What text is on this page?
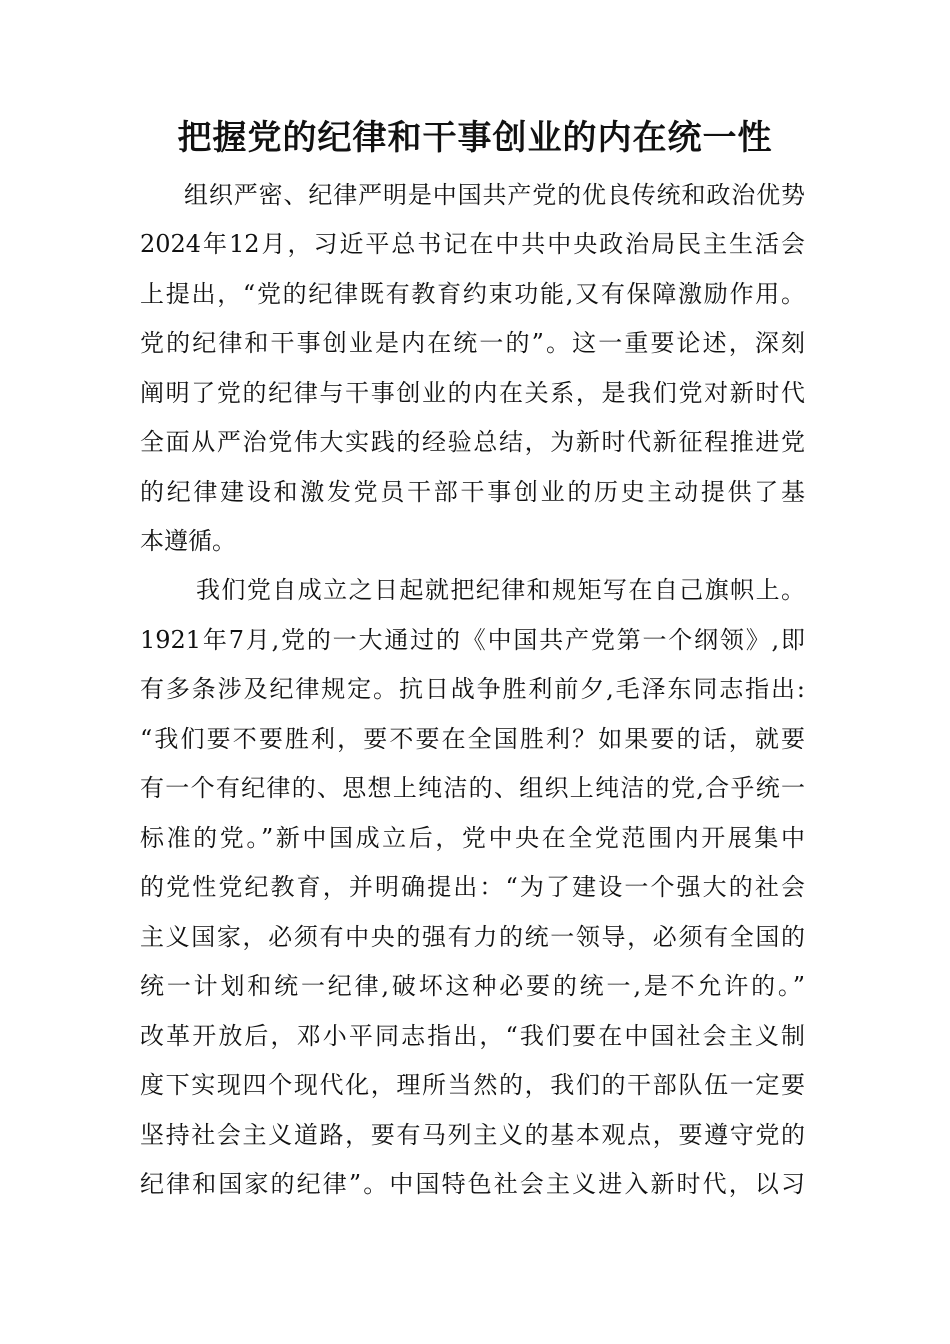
把握党的纪律和干事创业的内在统一性
组织严密、纪律严明是中国共产党的优良传统和政治优势
2024年12月，习近平总书记在中共中央政治局民主生活会
上提出，“党的纪律既有教育约束功能,又有保障激励作用。
党的纪律和干事创业是内在统一的”。这一重要论述，深刻
阐明了党的纪律与干事创业的内在关系，是我们党对新时代
全面从严治党伟大实践的经验总结，为新时代新征程推进党
的纪律建设和激发党员干部干事创业的历史主动提供了基
本遵循。
我们党自成立之日起就把纪律和规矩写在自己旗帜上。
1921年7月,党的一大通过的《中国共产党第一个纲领》,即
有多条涉及纪律规定。抗日战争胜利前夕,毛泽东同志指出:
“我们要不要胜利，要不要在全国胜利？如果要的话，就要
有一个有纪律的、思想上纯洁的、组织上纯洁的党,合乎统一
标准的党。”新中国成立后，党中央在全党范围内开展集中
的党性党纪教育，并明确提出：“为了建设一个强大的社会
主义国家，必须有中央的强有力的统一领导，必须有全国的
统一计划和统一纪律,破坏这种必要的统一,是不允许的。”
改革开放后，邓小平同志指出，“我们要在中国社会主义制
度下实现四个现代化，理所当然的，我们的干部队伍一定要
坚持社会主义道路，要有马列主义的基本观点，要遵守党的
纪律和国家的纪律”。中国特色社会主义进入新时代，以习
